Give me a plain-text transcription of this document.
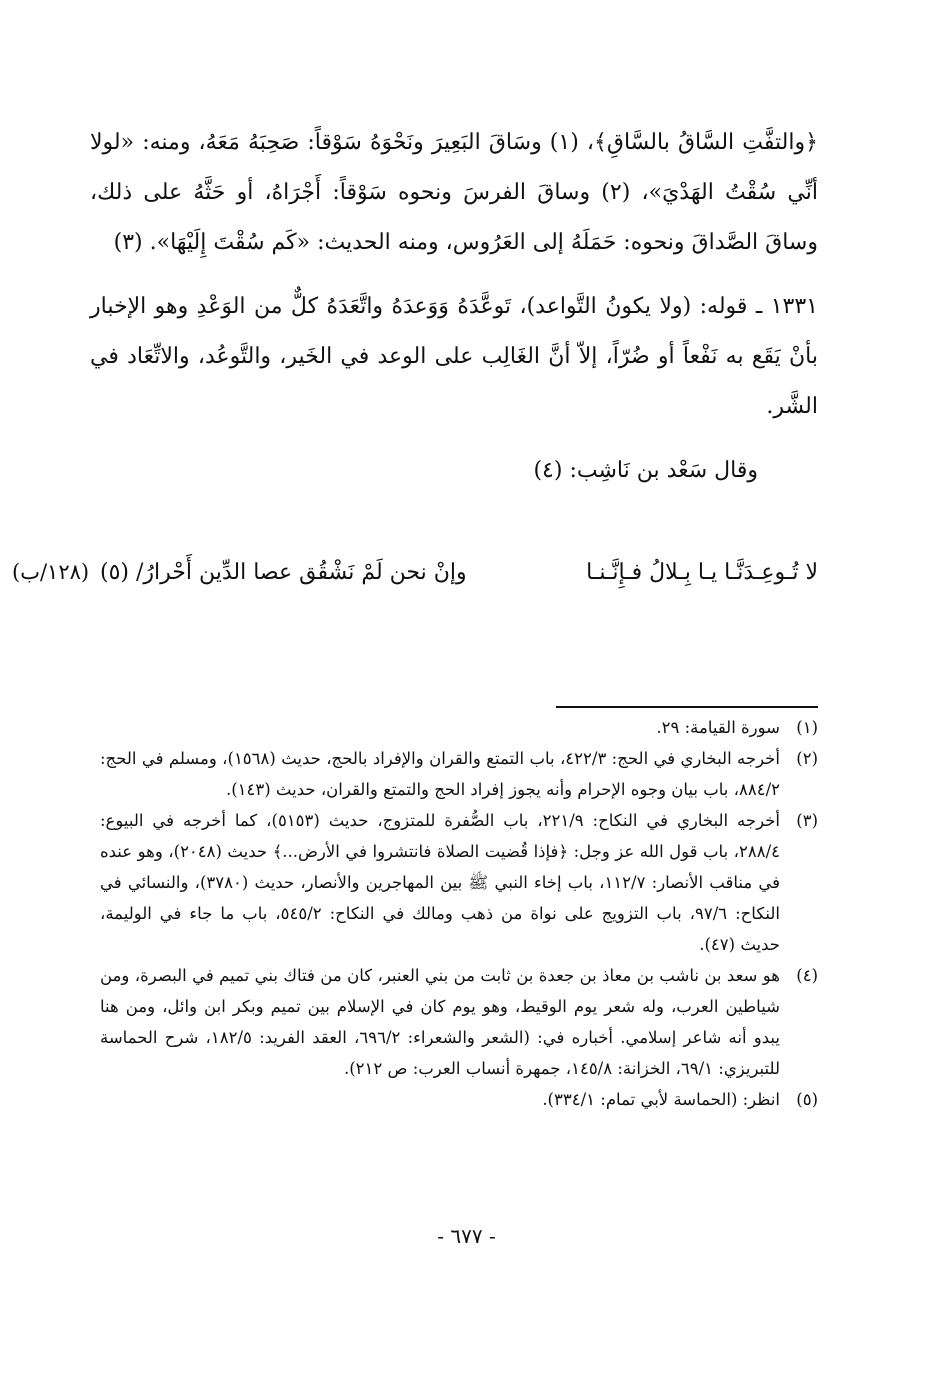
﴿والتفَّتِ السَّاقُ بالسَّاقِ﴾، (١) وسَاقَ البَعِيرَ ونَحْوَهُ سَوْقاً: صَحِبَهُ مَعَهُ، ومنه: «لولا أنِّي سُقْتُ الهَدْيَ»، (٢) وساقَ الفرسَ ونحوه سَوْقاً: أَجْرَاهُ، أو حَثَّهُ على ذلك، وساقَ الصَّداقَ ونحوه: حَمَلَهُ إلى العَرُوس، ومنه الحديث: «كَم سُقْتَ إِلَيْهَا». (٣)

١٣٣١ ـ قوله: (ولا يكونُ التَّواعد)، تَوعَّدَهُ وَوَعدَهُ واتَّعَدَهُ كلٌّ من الوَعْدِ وهو الإخبار بأنْ يَقَع به نَفْعاً أو ضُرّاً، إلاّ أنَّ الغَالِب على الوعد في الخَير، والتَّوعُد، والاتِّعَاد في الشَّر.

وقال سَعْد بن نَاشِب: (٤)

لا تُـوعِـدَنَّـا يـا بِـلالُ فـإِنَّـنـا
وإنْ نحن لَمْ نَشْقُق عصا الدِّين أَحْرارُ/ (٥)
(١٢٨/ب)
(١)
سورة القيامة: ٢٩.
(٢)
أخرجه البخاري في الحج: ٤٢٢/٣، باب التمتع والقران والإفراد بالحج، حديث (١٥٦٨)، ومسلم في الحج: ٨٨٤/٢، باب بيان وجوه الإحرام وأنه يجوز إفراد الحج والتمتع والقران، حديث (١٤٣).
(٣)
أخرجه البخاري في النكاح: ٢٢١/٩، باب الصُّفرة للمتزوج، حديث (٥١٥٣)، كما أخرجه في البيوع: ٢٨٨/٤، باب قول الله عز وجل: ﴿فإذا قُضيت الصلاة فانتشروا في الأرض...﴾ حديث (٢٠٤٨)، وهو عنده في مناقب الأنصار: ١١٢/٧، باب إخاء النبي ﷺ بين المهاجرين والأنصار، حديث (٣٧٨٠)، والنسائي في النكاح: ٩٧/٦، باب التزويج على نواة من ذهب ومالك في النكاح: ٥٤٥/٢، باب ما جاء في الوليمة، حديث (٤٧).
(٤)
هو سعد بن ناشب بن معاذ بن جعدة بن ثابت من بني العنبر، كان من فتاك بني تميم في البصرة، ومن شياطين العرب، وله شعر يوم الوقيط، وهو يوم كان في الإسلام بين تميم وبكر ابن وائل، ومن هنا يبدو أنه شاعر إسلامي. أخباره في: (الشعر والشعراء: ٦٩٦/٢، العقد الفريد: ١٨٢/٥، شرح الحماسة للتبريزي: ٦٩/١، الخزانة: ١٤٥/٨، جمهرة أنساب العرب: ص ٢١٢).
(٥)
انظر: (الحماسة لأبي تمام: ٣٣٤/١).
- ٦٧٧ -
